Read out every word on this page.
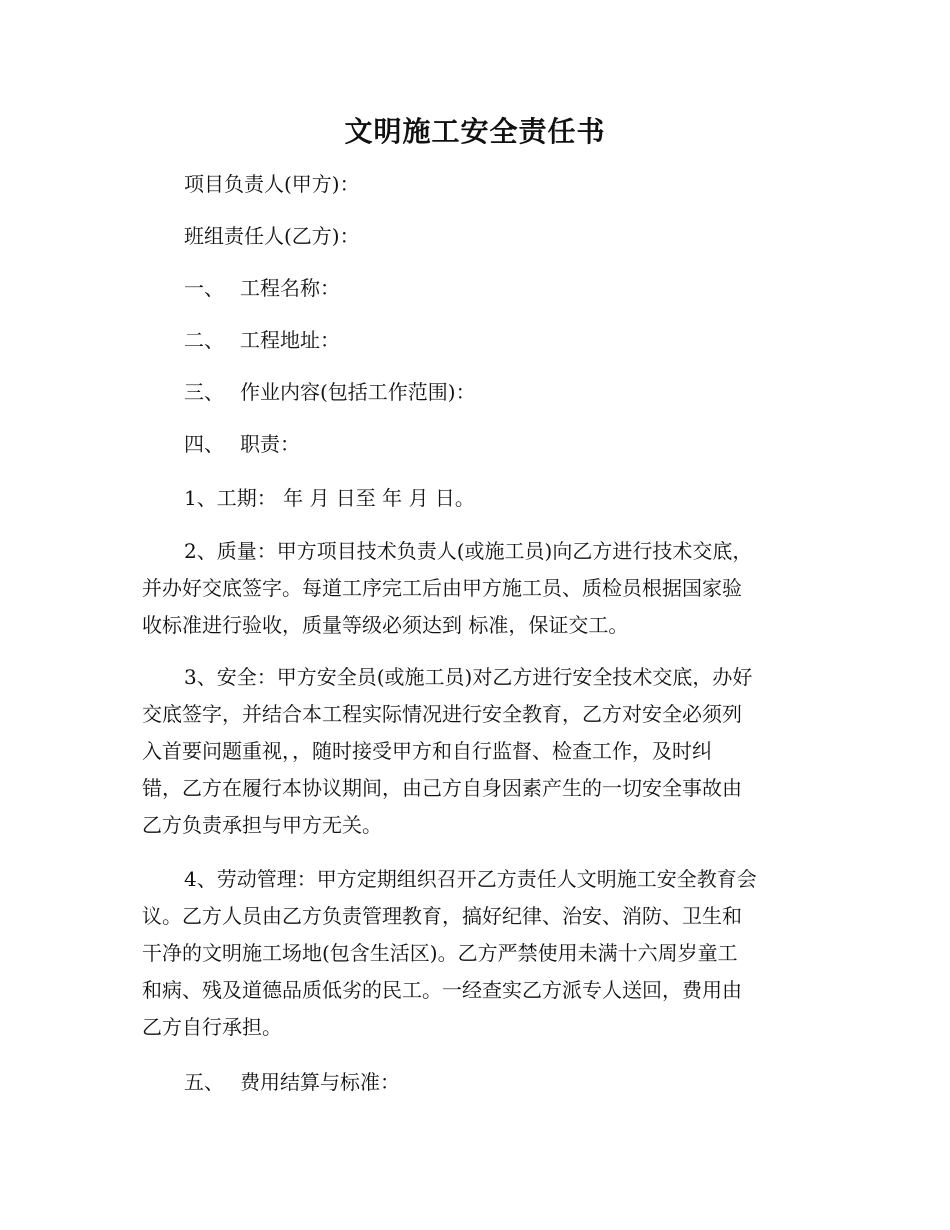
文明施工安全责任书
项目负责人(甲方)：
班组责任人(乙方)：
一、 工程名称：
二、 工程地址：
三、 作业内容(包括工作范围)：
四、 职责：
1、工期： 年 月 日至 年 月 日。
2、质量：甲方项目技术负责人(或施工员)向乙方进行技术交底，
并办好交底签字。每道工序完工后由甲方施工员、质检员根据国家验
收标准进行验收，质量等级必须达到 标准，保证交工。
3、安全：甲方安全员(或施工员)对乙方进行安全技术交底，办好
交底签字，并结合本工程实际情况进行安全教育，乙方对安全必须列
入首要问题重视，，随时接受甲方和自行监督、检查工作，及时纠
错，乙方在履行本协议期间，由己方自身因素产生的一切安全事故由
乙方负责承担与甲方无关。
4、劳动管理：甲方定期组织召开乙方责任人文明施工安全教育会
议。乙方人员由乙方负责管理教育，搞好纪律、治安、消防、卫生和
干净的文明施工场地(包含生活区)。乙方严禁使用未满十六周岁童工
和病、残及道德品质低劣的民工。一经查实乙方派专人送回，费用由
乙方自行承担。
五、 费用结算与标准：
